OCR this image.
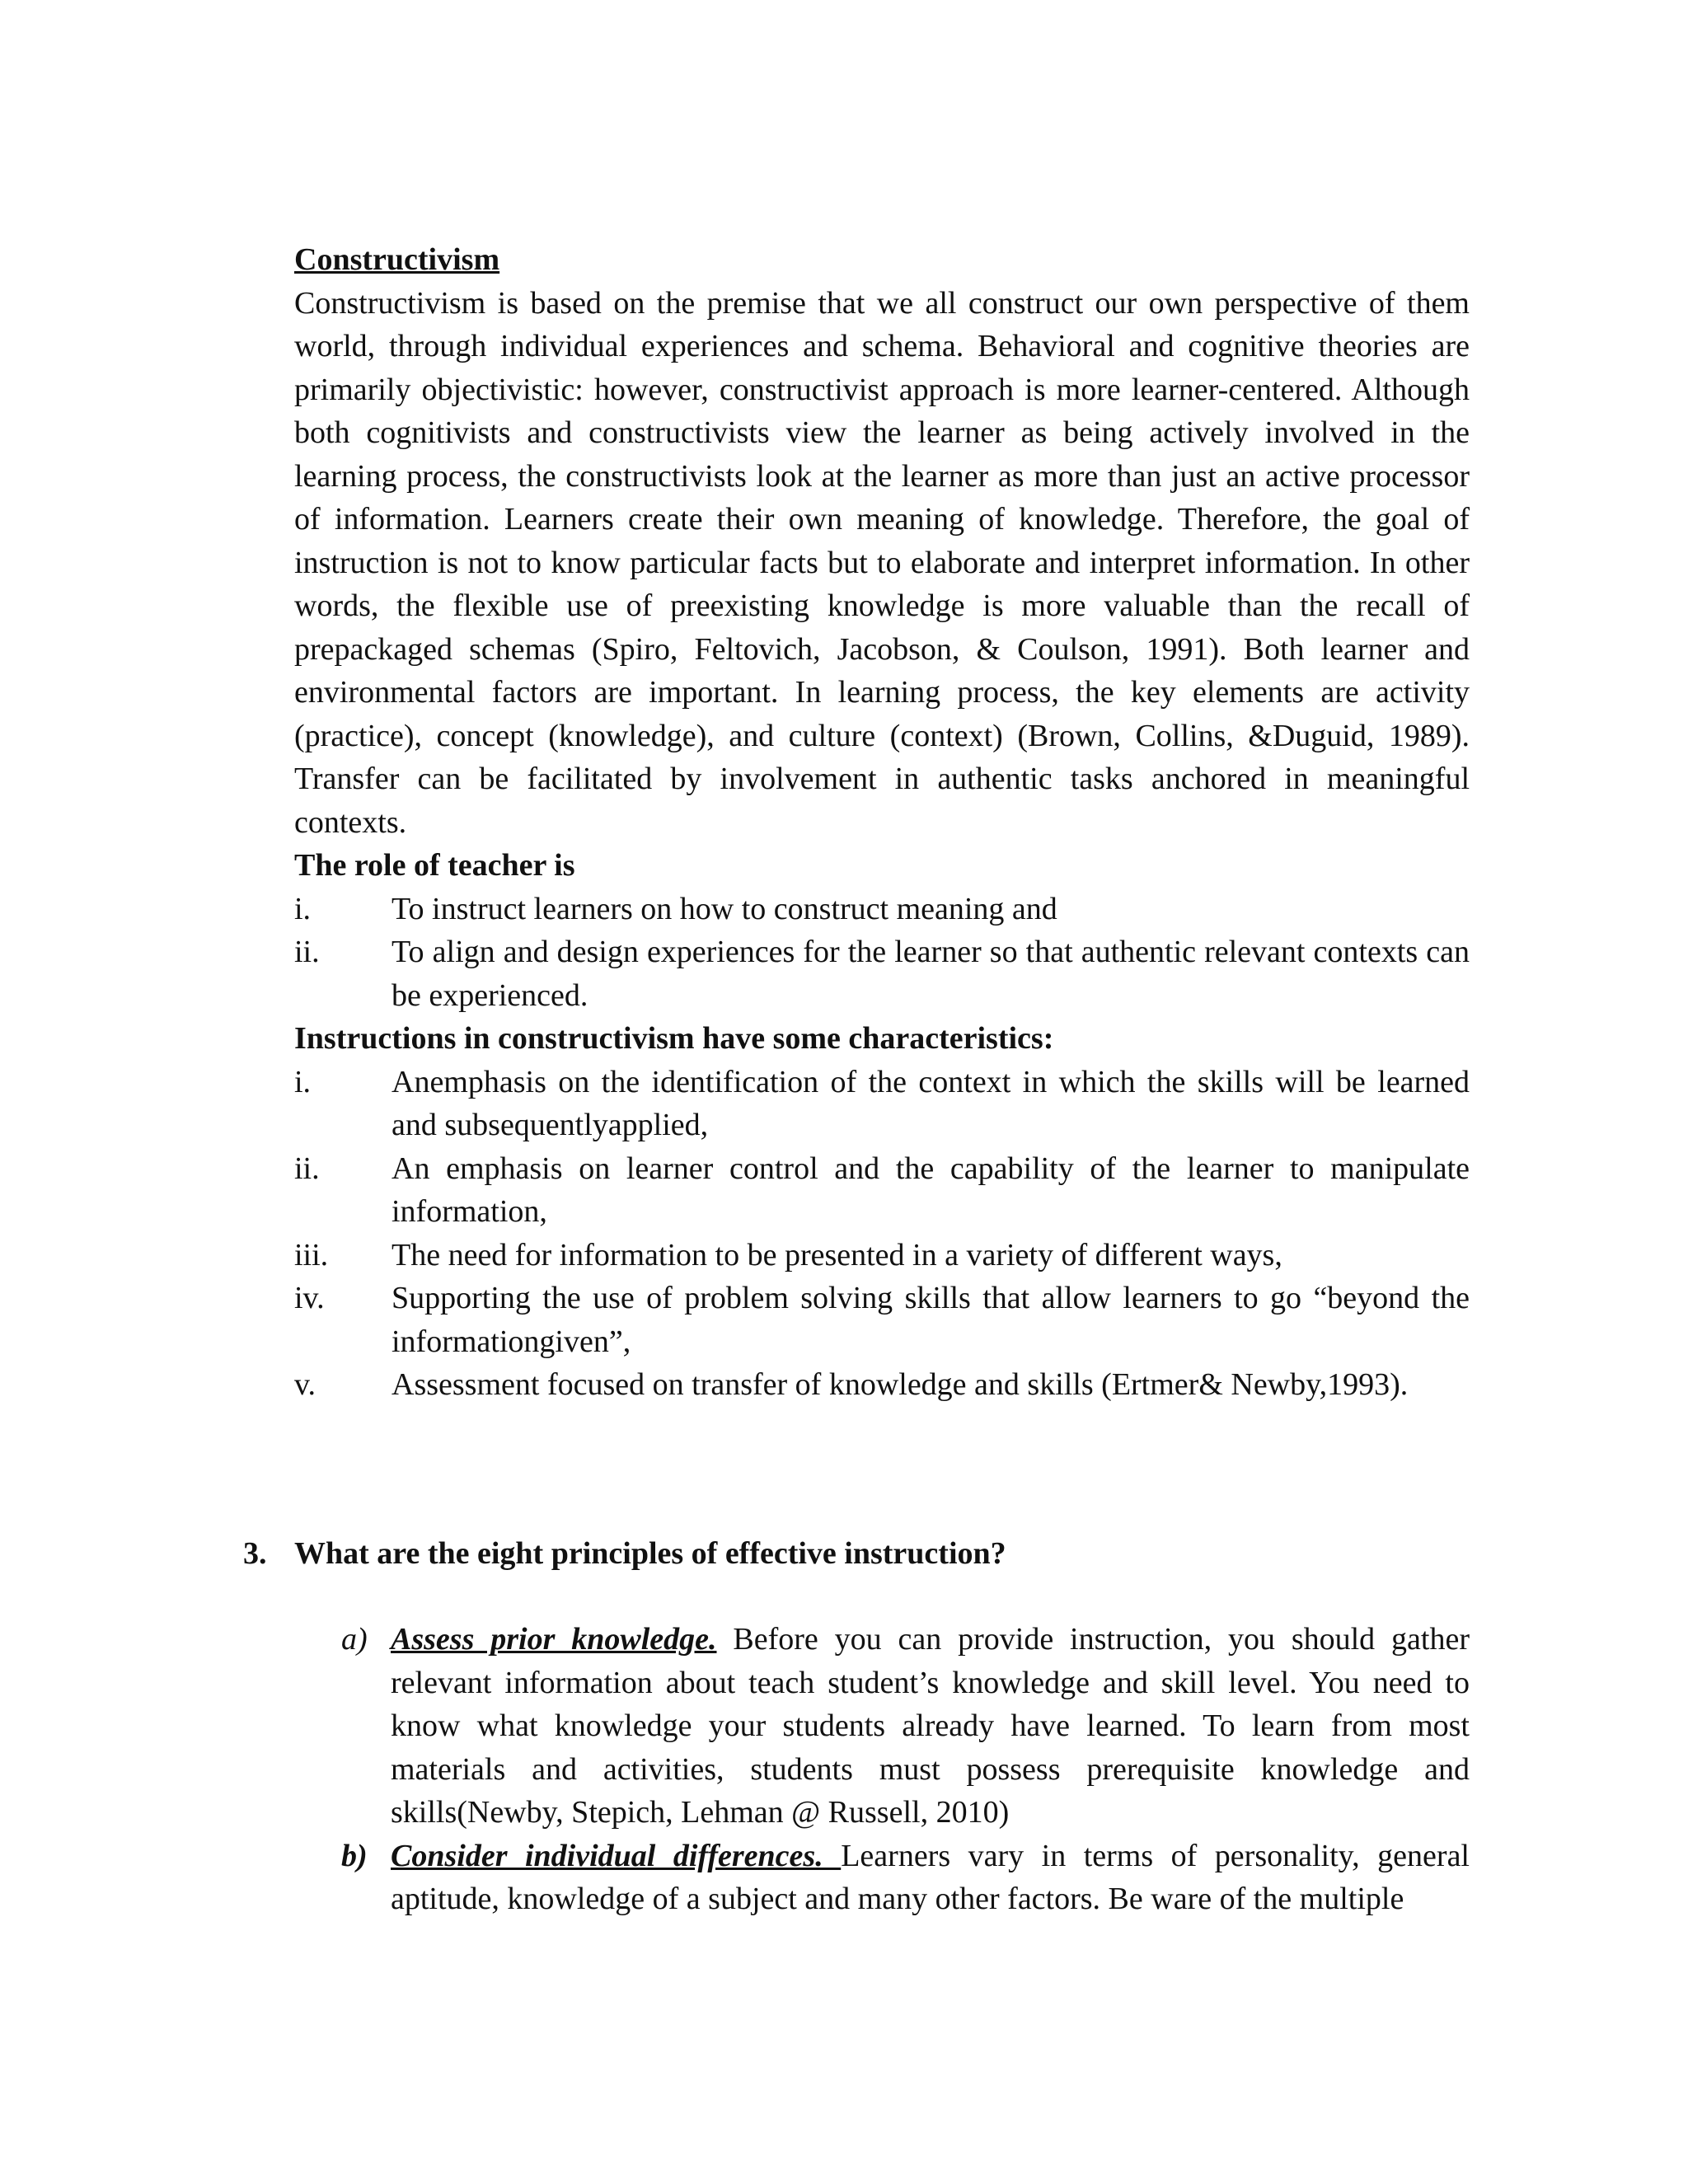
Constructivism
Constructivism is based on the premise that we all construct our own perspective of them world, through individual experiences and schema. Behavioral and cognitive theories are primarily objectivistic: however, constructivist approach is more learner-centered. Although both cognitivists and constructivists view the learner as being actively involved in the learning process, the constructivists look at the learner as more than just an active processor of information. Learners create their own meaning of knowledge. Therefore, the goal of instruction is not to know particular facts but to elaborate and interpret information. In other words, the flexible use of preexisting knowledge is more valuable than the recall of prepackaged schemas (Spiro, Feltovich, Jacobson, & Coulson, 1991). Both learner and environmental factors are important. In learning process, the key elements are activity (practice), concept (knowledge), and culture (context) (Brown, Collins, &Duguid, 1989). Transfer can be facilitated by involvement in authentic tasks anchored in meaningful contexts.
The role of teacher is
i.	To instruct learners on how to construct meaning and
ii.	To align and design experiences for the learner so that authentic relevant contexts can be experienced.
Instructions in constructivism have some characteristics:
i.	Anemphasis on the identification of the context in which the skills will be learned and subsequentlyapplied,
ii.	An emphasis on learner control and the capability of the learner to manipulate information,
iii.	The need for information to be presented in a variety of different ways,
iv.	Supporting the use of problem solving skills that allow learners to go “beyond the informationgiven”,
v.	Assessment focused on transfer of knowledge and skills (Ertmer& Newby,1993).
3. What are the eight principles of effective instruction?
a) Assess prior knowledge. Before you can provide instruction, you should gather relevant information about teach student’s knowledge and skill level. You need to know what knowledge your students already have learned. To learn from most materials and activities, students must possess prerequisite knowledge and skills(Newby, Stepich, Lehman @ Russell, 2010)
b) Consider individual differences. Learners vary in terms of personality, general aptitude, knowledge of a subject and many other factors. Be ware of the multiple
